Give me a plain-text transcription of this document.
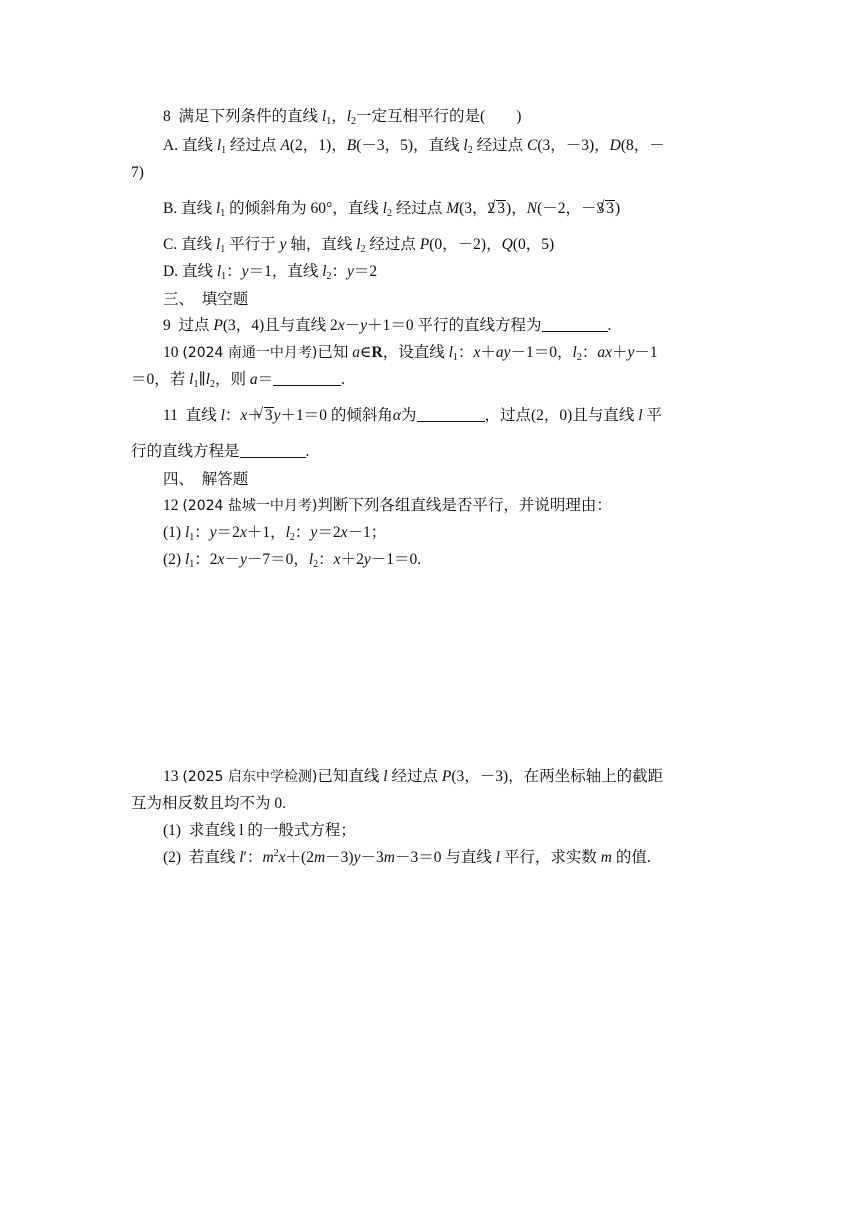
8 满足下列条件的直线 $l_1$，$l_2$一定互相平行的是(　　)
A. 直线 $l_1$ 经过点 A(2，1)，B(－3，5)，直线 $l_2$ 经过点 C(3，－3)，D(8，－
7)
B. 直线 $l_1$ 的倾斜角为 60°，直线 $l_2$ 经过点 M(3，2 √ 3)，N(－2，－3 √ 3)
C. 直线 $l_1$ 平行于 y 轴，直线 $l_2$ 经过点 P(0，－2)，Q(0，5)
D. 直线 $l_1$：y＝1，直线 $l_2$：y＝2
三、　填空题
9  过点 P(3，4)且与直线 2x－y＋1＝0 平行的直线方程为	.
10 (2024 南通一中月考)已知 a∈R，设直线 $l_1$：x＋ay－1＝0，$l_2$：ax＋y－1
＝0，若 $l_1\parallel l_2$，则 a＝	.
11  直线 l：x＋ √ 3y＋1＝0 的倾斜角α为	，过点(2，0)且与直线 l 平
行的直线方程是	.
四、　解答题
12 (2024 盐城一中月考)判断下列各组直线是否平行，并说明理由：
(1) $l_1$：y＝2x＋1，$l_2$：y＝2x－1；
(2) $l_1$：2x－y－7＝0，$l_2$：x＋2y－1＝0.
13 (2025 启东中学检测)已知直线 l 经过点 P(3，－3)，在两坐标轴上的截距
互为相反数且均不为 0.
(1) 求直线 l 的一般式方程；
(2)  若直线 l′：$m^2x+(2m-3)y-3m-3=0$ 与直线 l 平行，求实数 m 的值.
